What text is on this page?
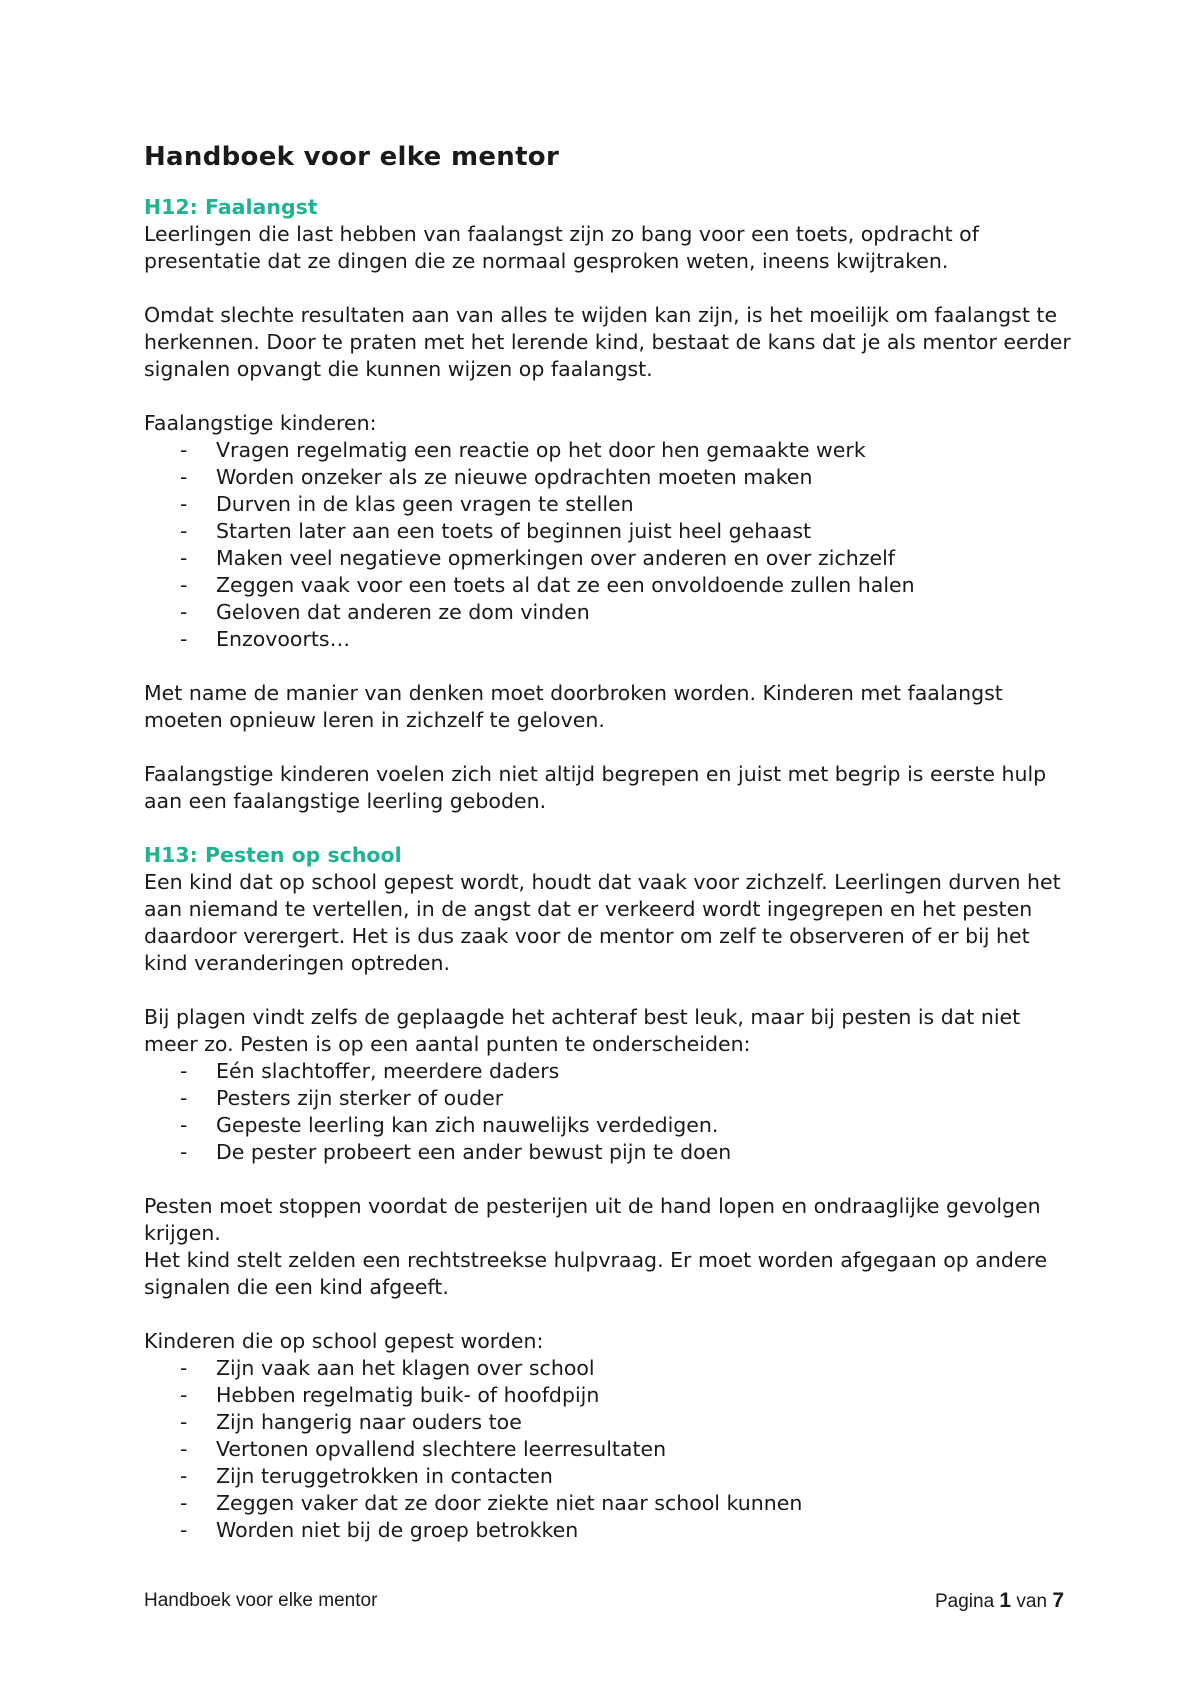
Handboek voor elke mentor
H12: Faalangst

Leerlingen die last hebben van faalangst zijn zo bang voor een toets, opdracht of presentatie dat ze dingen die ze normaal gesproken weten, ineens kwijtraken.

Omdat slechte resultaten aan van alles te wijden kan zijn, is het moeilijk om faalangst te herkennen. Door te praten met het lerende kind, bestaat de kans dat je als mentor eerder signalen opvangt die kunnen wijzen op faalangst.

Faalangstige kinderen:

- Vragen regelmatig een reactie op het door hen gemaakte werk
- Worden onzeker als ze nieuwe opdrachten moeten maken
- Durven in de klas geen vragen te stellen
- Starten later aan een toets of beginnen juist heel gehaast
- Maken veel negatieve opmerkingen over anderen en over zichzelf
- Zeggen vaak voor een toets al dat ze een onvoldoende zullen halen
- Geloven dat anderen ze dom vinden
- Enzovoorts…

Met name de manier van denken moet doorbroken worden. Kinderen met faalangst moeten opnieuw leren in zichzelf te geloven.

Faalangstige kinderen voelen zich niet altijd begrepen en juist met begrip is eerste hulp aan een faalangstige leerling geboden.

H13: Pesten op school

Een kind dat op school gepest wordt, houdt dat vaak voor zichzelf. Leerlingen durven het aan niemand te vertellen, in de angst dat er verkeerd wordt ingegrepen en het pesten daardoor verergert. Het is dus zaak voor de mentor om zelf te observeren of er bij het kind veranderingen optreden.

Bij plagen vindt zelfs de geplaagde het achteraf best leuk, maar bij pesten is dat niet meer zo. Pesten is op een aantal punten te onderscheiden:

- Eén slachtoffer, meerdere daders
- Pesters zijn sterker of ouder
- Gepeste leerling kan zich nauwelijks verdedigen.
- De pester probeert een ander bewust pijn te doen

Pesten moet stoppen voordat de pesterijen uit de hand lopen en ondraaglijke gevolgen krijgen.

Het kind stelt zelden een rechtstreekse hulpvraag. Er moet worden afgegaan op andere signalen die een kind afgeeft.

Kinderen die op school gepest worden:

- Zijn vaak aan het klagen over school
- Hebben regelmatig buik- of hoofdpijn
- Zijn hangerig naar ouders toe
- Vertonen opvallend slechtere leerresultaten
- Zijn teruggetrokken in contacten
- Zeggen vaker dat ze door ziekte niet naar school kunnen
- Worden niet bij de groep betrokken
Handboek voor elke mentor	Pagina 1 van 7
